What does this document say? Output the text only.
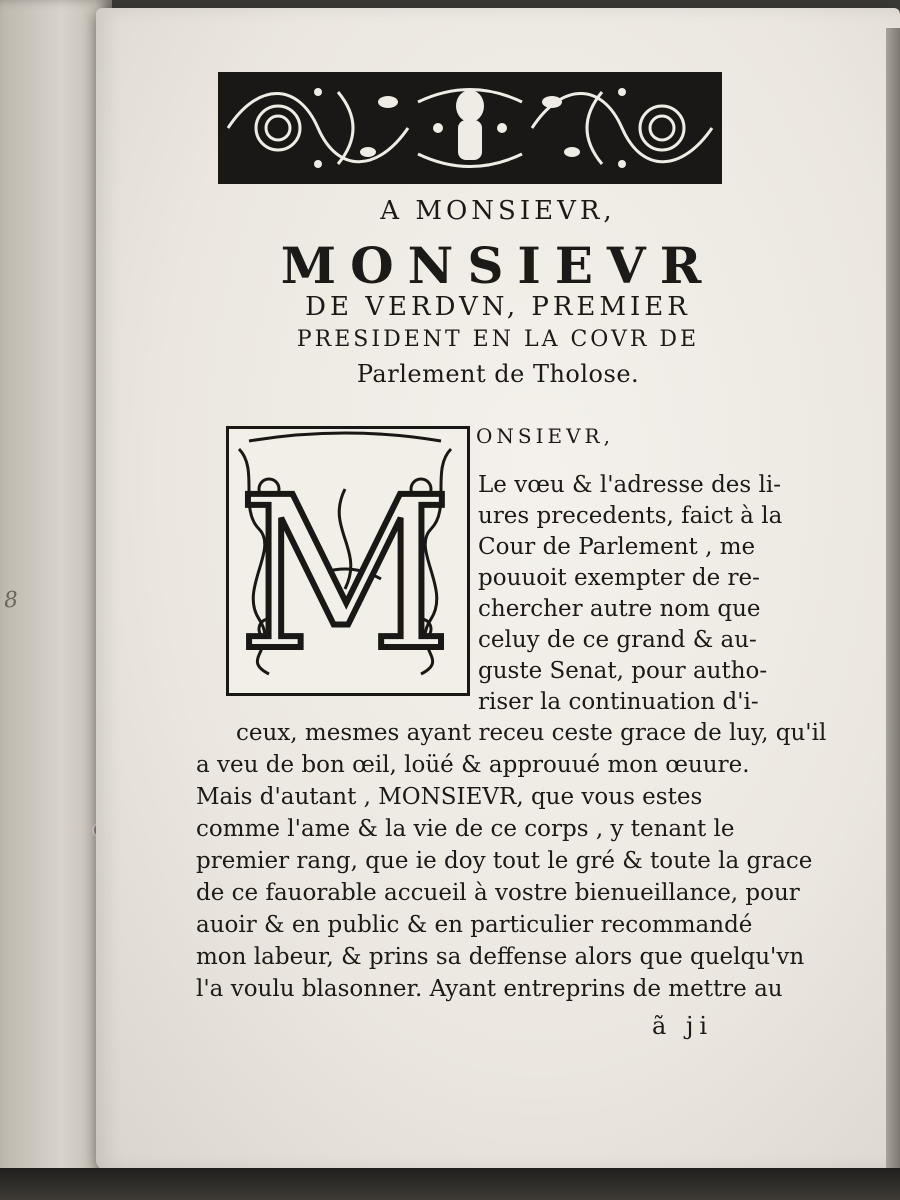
8
A MONSIEVR,
MONSIEVR
DE VERDVN, PREMIER
PRESIDENT EN LA COVR DE
Parlement de Tholose.
M
ONSIEVR,
Le vœu & l'adresse des li-
ures precedents, faict à la
Cour de Parlement , me
pouuoit exempter de re-
chercher autre nom que
celuy de ce grand & au-
guste Senat, pour autho-
riser la continuation d'i-
ceux, mesmes ayant receu ceste grace de luy, qu'il
a veu de bon œil, loüé & approuué mon œuure.
Mais d'autant , MONSIEVR, que vous estes
comme l'ame & la vie de ce corps , y tenant le
premier rang, que ie doy tout le gré & toute la grace
de ce fauorable accueil à vostre bienueillance, pour
auoir & en public & en particulier recommandé
mon labeur, & prins sa deffense alors que quelqu'vn
l'a voulu blasonner. Ayant entreprins de mettre au
ã ji
